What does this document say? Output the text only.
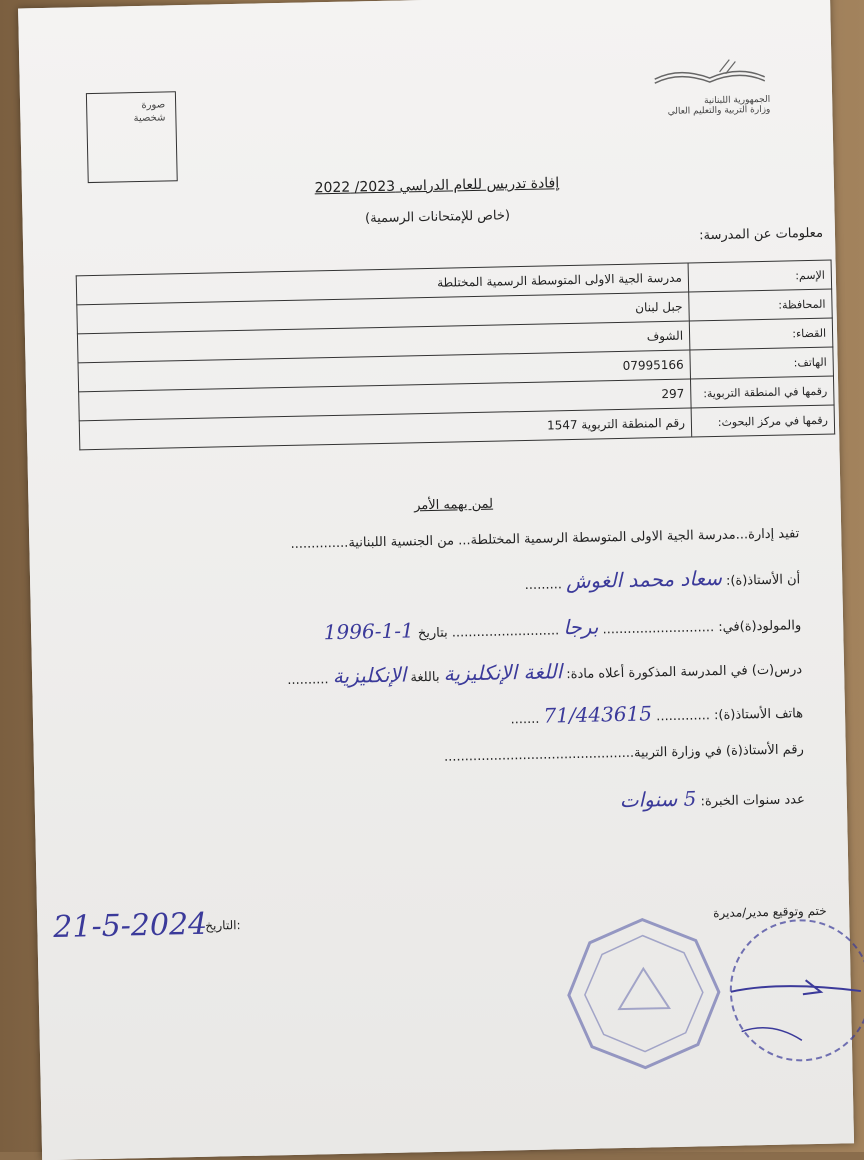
صورة
شخصية
الجمهورية اللبنانية
وزارة التربية والتعليم العالي
إفادة تدريس للعام الدراسي 2023/ 2022
(خاص للإمتحانات الرسمية)
معلومات عن المدرسة:
الإسم:	مدرسة الجية الاولى المتوسطة الرسمية المختلطة
المحافظة:	جبل لبنان
القضاء:	الشوف
الهاتف:	07995166
رقمها في المنطقة التربوية:	297
رقمها في مركز البحوث:	رقم المنطقة التربوية 1547
لمن يهمه الأمر
تفيد إدارة...مدرسة الجية الاولى المتوسطة الرسمية المختلطة... من الجنسية اللبنانية..............
أن الأستاذ(ة): سعاد محمد الغوش .........
والمولود(ة)في: ........................... برجا .......................... بتاريخ 1-1-1996
درس(ت) في المدرسة المذكورة أعلاه مادة: اللغة الإنكليزية باللغة الإنكليزية ..........
هاتف الأستاذ(ة): ............. 71/443615 .......
رقم الأستاذ(ة) في وزارة التربية..............................................
عدد سنوات الخبرة: 5 سنوات
التاريخ:
21-5-2024	ختم وتوقيع مدير/مديرة
